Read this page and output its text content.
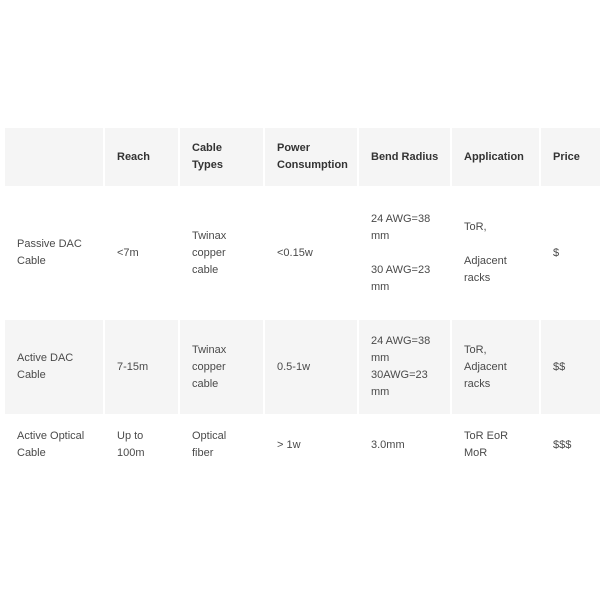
	Reach	Cable
Types	Power
Consumption	Bend Radius	Application	Price

Passive DAC
Cable	<7m	Twinax
copper
cable	<0.15w	24 AWG=38
mm
30 AWG=23
mm	ToR,
Adjacent
racks	$

Active DAC
Cable	7-15m	Twinax
copper
cable	0.5-1w	24 AWG=38
mm
30AWG=23
mm	ToR,
Adjacent
racks	$$

Active Optical
Cable	Up to
100m	Optical
fiber	> 1w	3.0mm	ToR EoR
MoR	$$$
